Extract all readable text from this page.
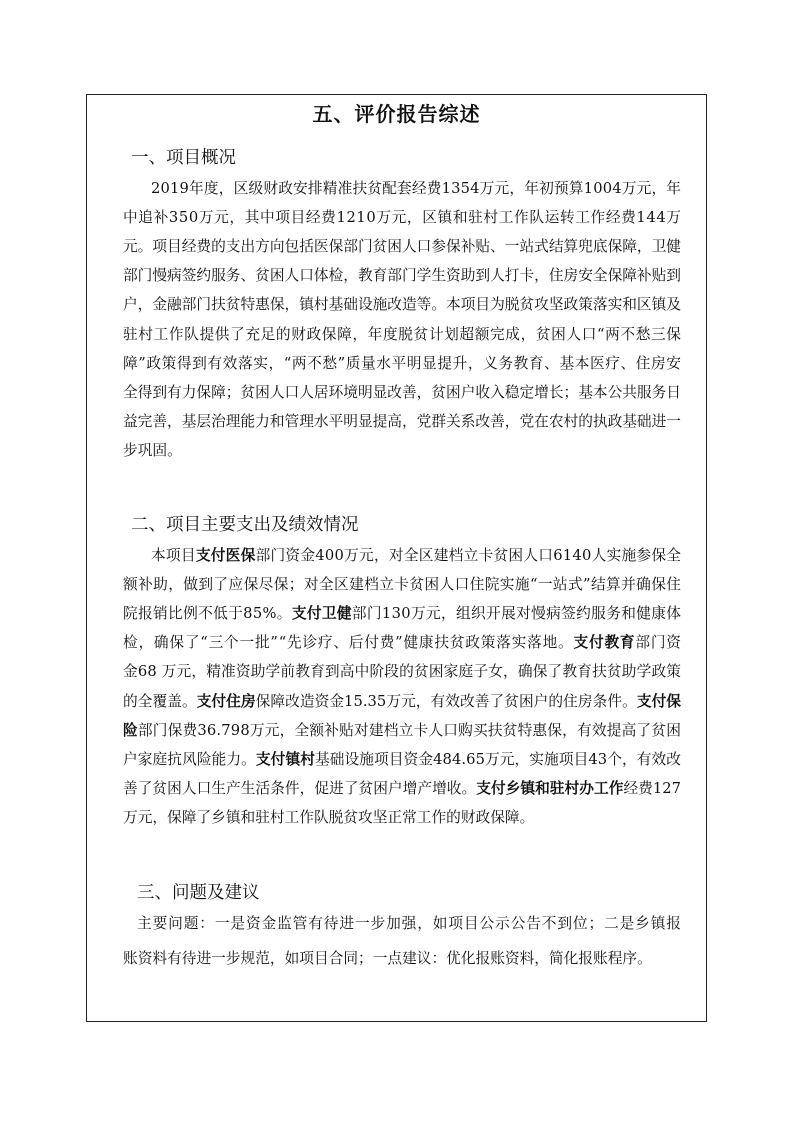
五、评价报告综述
一、项目概况
2019年度，区级财政安排精准扶贫配套经费1354万元，年初预算1004万元，年
中追补350万元，其中项目经费1210万元，区镇和驻村工作队运转工作经费144万
元。项目经费的支出方向包括医保部门贫困人口参保补贴、一站式结算兜底保障，卫健
部门慢病签约服务、贫困人口体检，教育部门学生资助到人打卡，住房安全保障补贴到
户，金融部门扶贫特惠保，镇村基础设施改造等。本项目为脱贫攻坚政策落实和区镇及
驻村工作队提供了充足的财政保障，年度脱贫计划超额完成，贫困人口“两不愁三保
障”政策得到有效落实，“两不愁”质量水平明显提升，义务教育、基本医疗、住房安
全得到有力保障；贫困人口人居环境明显改善，贫困户收入稳定增长；基本公共服务日
益完善，基层治理能力和管理水平明显提高，党群关系改善，党在农村的执政基础进一
步巩固。
二、项目主要支出及绩效情况
本项目支付医保部门资金400万元，对全区建档立卡贫困人口6140人实施参保全
额补助，做到了应保尽保；对全区建档立卡贫困人口住院实施“一站式”结算并确保住
院报销比例不低于85%。支付卫健部门130万元，组织开展对慢病签约服务和健康体
检，确保了“三个一批”“先诊疗、后付费”健康扶贫政策落实落地。支付教育部门资
金68 万元，精准资助学前教育到高中阶段的贫困家庭子女，确保了教育扶贫助学政策
的全覆盖。支付住房保障改造资金15.35万元，有效改善了贫困户的住房条件。支付保
险部门保费36.798万元，全额补贴对建档立卡人口购买扶贫特惠保，有效提高了贫困
户家庭抗风险能力。支付镇村基础设施项目资金484.65万元，实施项目43个，有效改
善了贫困人口生产生活条件，促进了贫困户增产增收。支付乡镇和驻村办工作经费127
万元，保障了乡镇和驻村工作队脱贫攻坚正常工作的财政保障。
三、问题及建议
主要问题：一是资金监管有待进一步加强，如项目公示公告不到位；二是乡镇报
账资料有待进一步规范，如项目合同；一点建议：优化报账资料，简化报账程序。
